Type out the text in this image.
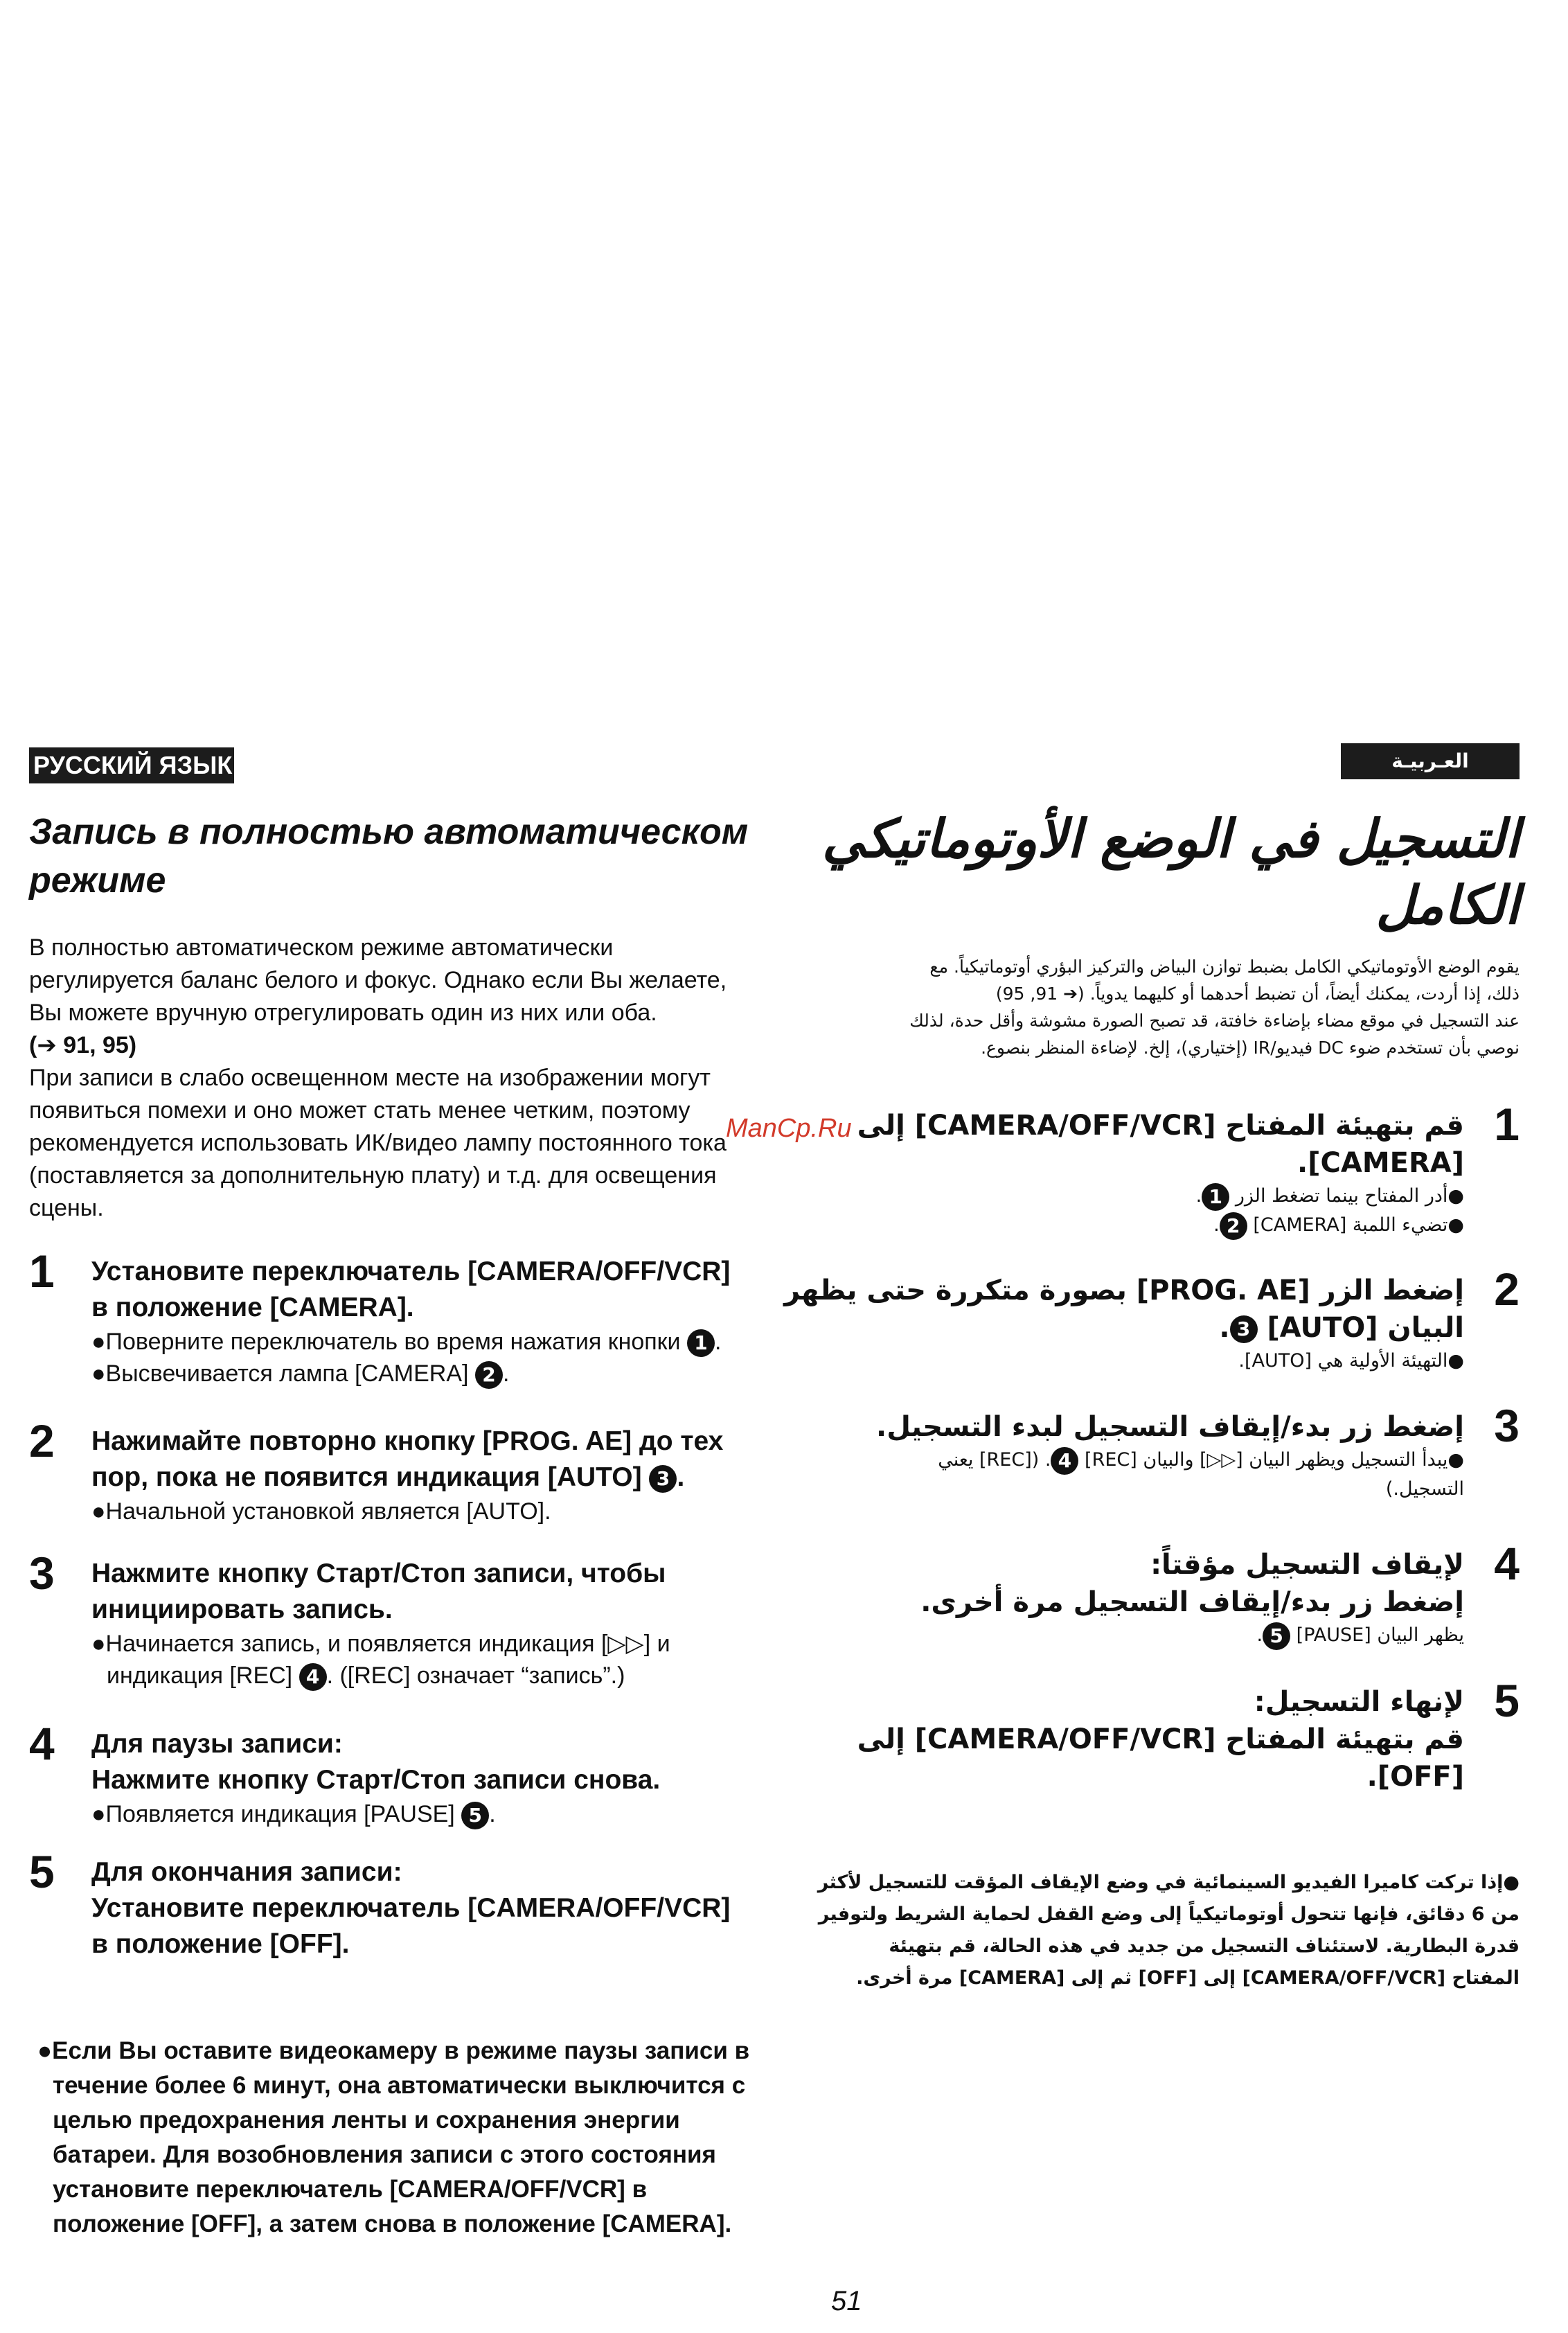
РУССКИЙ ЯЗЫК	العـربيـة
Запись в полностью автоматическом
режиме
В полностью автоматическом режиме автоматически
регулируется баланс белого и фокус. Однако если Вы желаете,
Вы можете вручную отрегулировать один из них или оба.
(➔ 91, 95)
При записи в слабо освещенном месте на изображении могут
появиться помехи и оно может стать менее четким, поэтому
рекомендуется использовать ИК/видео лампу постоянного тока
(поставляется за дополнительную плату) и т.д. для освещения
сцены.
1 Установите переключатель [CAMERA/OFF/VCR]
в положение [CAMERA].
●Поверните переключатель во время нажатия кнопки 1 .
●Высвечивается лампа [CAMERA] 2 .
2 Нажимайте повторно кнопку [PROG. AE] до тех
пор, пока не появится индикация [AUTO] 3 .
●Начальной установкой является [AUTO].
3 Нажмите кнопку Старт/Стоп записи, чтобы
инициировать запись.
●Начинается запись, и появляется индикация [▷▷] и
индикация [REC] 4 . ([REC] означает “запись”.)
4 Для паузы записи:
Нажмите кнопку Старт/Стоп записи снова.
●Появляется индикация [PAUSE] 5 .
5 Для окончания записи:
Установите переключатель [CAMERA/OFF/VCR]
в положение [OFF].
●Если Вы оставите видеокамеру в режиме паузы записи в
течение более 6 минут, она автоматически выключится с
целью предохранения ленты и сохранения энергии
батареи. Для возобновления записи с этого состояния
установите переключатель [CAMERA/OFF/VCR] в
положение [OFF], а затем снова в положение [CAMERA].
ManCp.Ru
التسجيل في الوضع الأوتوماتيكي
الكامل
يقوم الوضع الأوتوماتيكي الكامل بضبط توازن البياض والتركيز البؤري أوتوماتيكياً. مع
ذلك، إذا أردت، يمكنك أيضاً، أن تضبط أحدهما أو كليهما يدوياً. (➔ 91, 95)
عند التسجيل في موقع مضاء بإضاءة خافتة، قد تصبح الصورة مشوشة وأقل حدة، لذلك
نوصي بأن تستخدم ضوء DC فيديو/IR (إختياري)، إلخ. لإضاءة المنظر بنصوع.
1
قم بتهيئة المفتاح [CAMERA/OFF/VCR] إلى
[CAMERA].
●أدر المفتاح بينما تضغط الزر 1.
●تضيء اللمبة [CAMERA] 2.
2
إضغط الزر [PROG. AE] بصورة متكررة حتى يظهر
البيان [AUTO] 3.
●التهيئة الأولية هي [AUTO].
3
إضغط زر بدء/إيقاف التسجيل لبدء التسجيل.
●يبدأ التسجيل ويظهر البيان [▷▷] والبيان [REC] 4. ([REC] يعني
التسجيل.)
4
لإيقاف التسجيل مؤقتاً:
إضغط زر بدء/إيقاف التسجيل مرة أخرى.
يظهر البيان [PAUSE] 5.
5
لإنهاء التسجيل:
قم بتهيئة المفتاح [CAMERA/OFF/VCR] إلى
[OFF].
●إذا تركت كاميرا الفيديو السينمائية في وضع الإيقاف المؤقت للتسجيل لأكثر
من 6 دقائق، فإنها تتحول أوتوماتيكياً إلى وضع القفل لحماية الشريط ولتوفير
قدرة البطارية. لاستئناف التسجيل من جديد في هذه الحالة، قم بتهيئة
المفتاح [CAMERA/OFF/VCR] إلى [OFF] ثم إلى [CAMERA] مرة أخرى.
51
